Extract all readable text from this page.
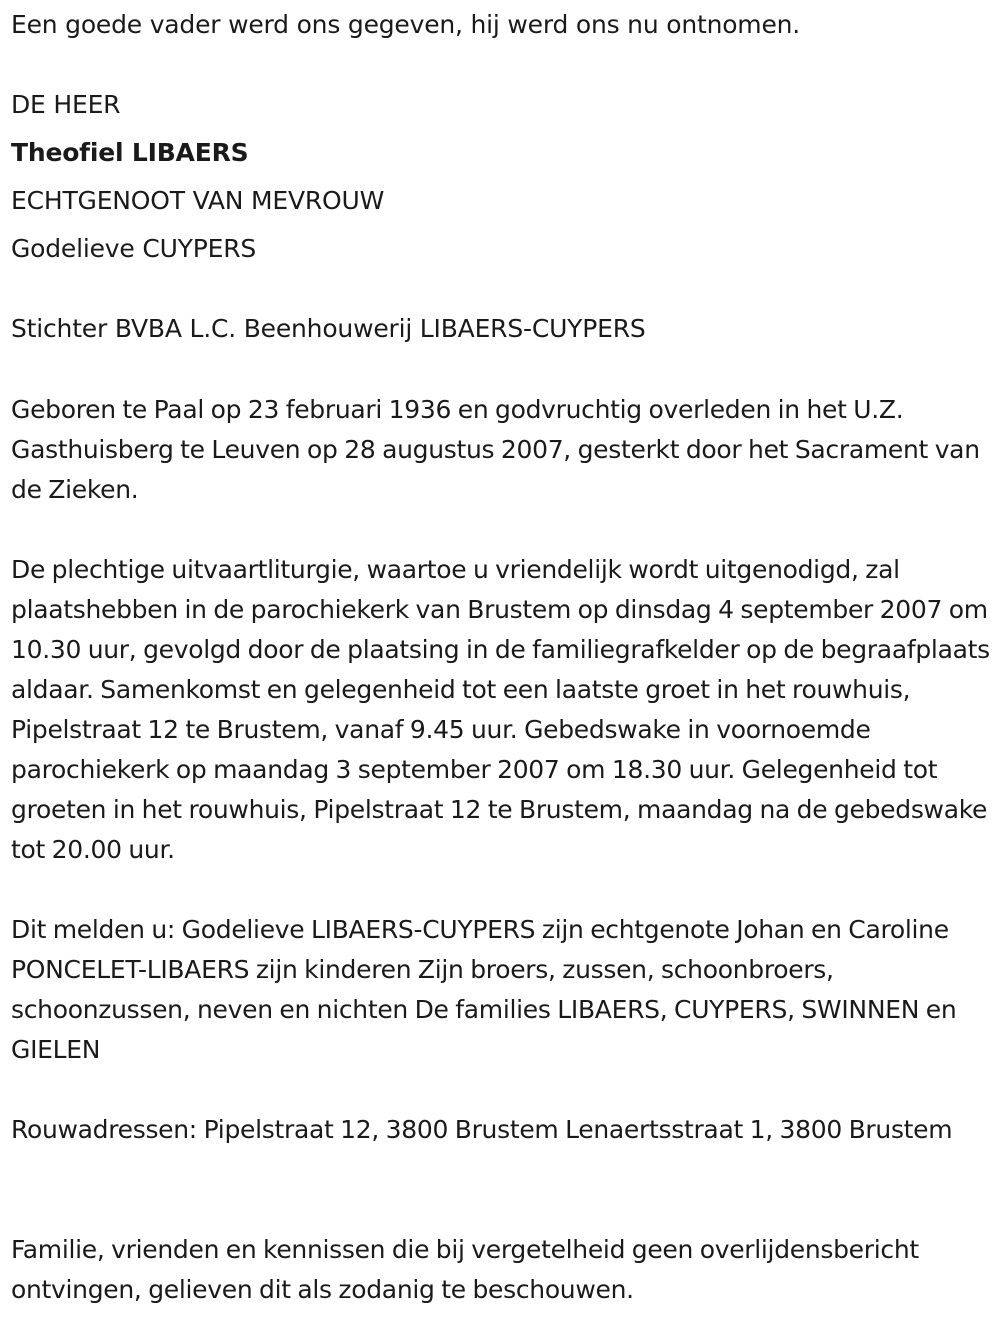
Een goede vader werd ons gegeven, hij werd ons nu ontnomen.
DE HEER
Theofiel LIBAERS
ECHTGENOOT VAN MEVROUW
Godelieve CUYPERS
Stichter BVBA L.C. Beenhouwerij LIBAERS-CUYPERS
Geboren te Paal op 23 februari 1936 en godvruchtig overleden in het U.Z. Gasthuisberg te Leuven op 28 augustus 2007, gesterkt door het Sacrament van de Zieken.
De plechtige uitvaartliturgie, waartoe u vriendelijk wordt uitgenodigd, zal plaatshebben in de parochiekerk van Brustem op dinsdag 4 september 2007 om 10.30 uur, gevolgd door de plaatsing in de familiegrafkelder op de begraafplaats aldaar. Samenkomst en gelegenheid tot een laatste groet in het rouwhuis, Pipelstraat 12 te Brustem, vanaf 9.45 uur. Gebedswake in voornoemde parochiekerk op maandag 3 september 2007 om 18.30 uur. Gelegenheid tot groeten in het rouwhuis, Pipelstraat 12 te Brustem, maandag na de gebedswake tot 20.00 uur.
Dit melden u: Godelieve LIBAERS-CUYPERS zijn echtgenote Johan en Caroline PONCELET-LIBAERS zijn kinderen Zijn broers, zussen, schoonbroers, schoonzussen, neven en nichten De families LIBAERS, CUYPERS, SWINNEN en GIELEN
Rouwadressen: Pipelstraat 12, 3800 Brustem Lenaertsstraat 1, 3800 Brustem
Familie, vrienden en kennissen die bij vergetelheid geen overlijdensbericht ontvingen, gelieven dit als zodanig te beschouwen.
